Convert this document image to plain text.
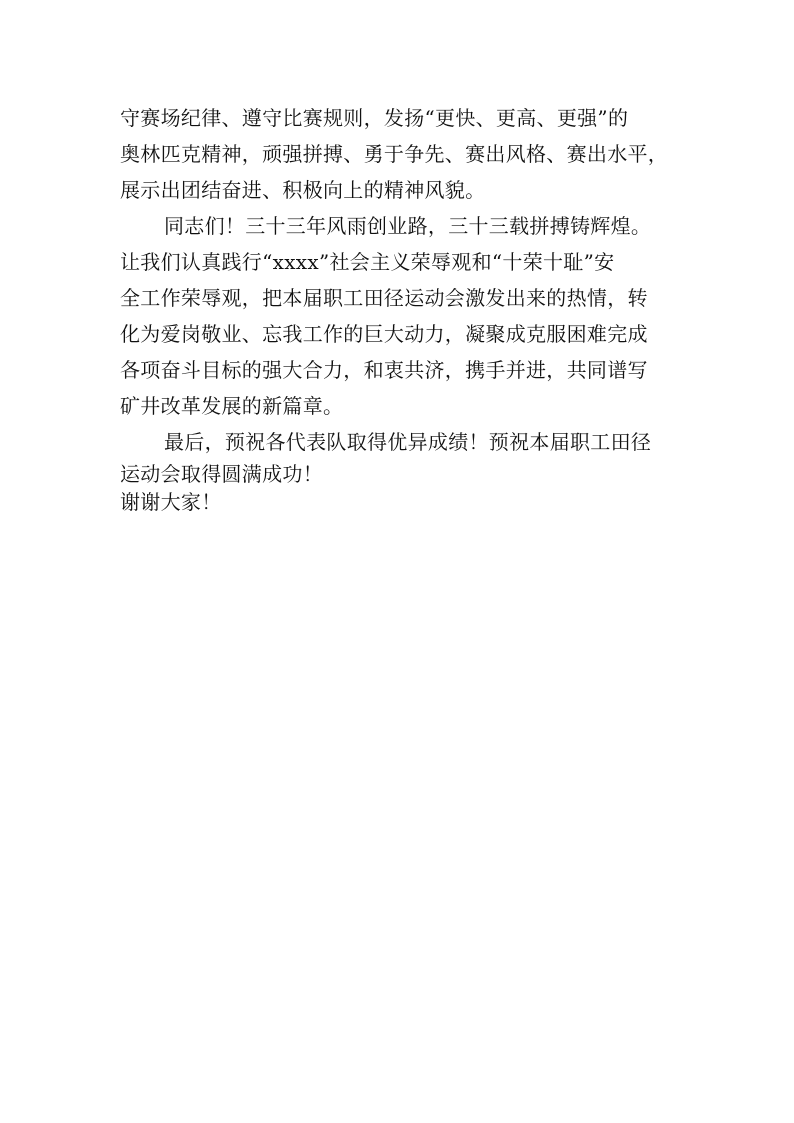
守赛场纪律、遵守比赛规则，发扬“更快、更高、更强”的
奥林匹克精神，顽强拼搏、勇于争先、赛出风格、赛出水平，
展示出团结奋进、积极向上的精神风貌。
同志们！三十三年风雨创业路，三十三载拼搏铸辉煌。
让我们认真践行“xxxx”社会主义荣辱观和“十荣十耻”安
全工作荣辱观，把本届职工田径运动会激发出来的热情，转
化为爱岗敬业、忘我工作的巨大动力，凝聚成克服困难完成
各项奋斗目标的强大合力，和衷共济，携手并进，共同谱写
矿井改革发展的新篇章。
最后，预祝各代表队取得优异成绩！预祝本届职工田径
运动会取得圆满成功！
谢谢大家！
